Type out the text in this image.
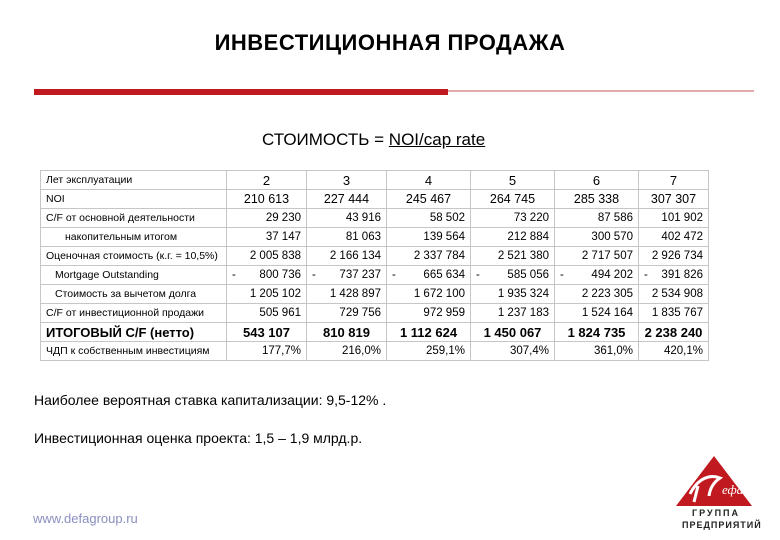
ИНВЕСТИЦИОННАЯ ПРОДАЖА
СТОИМОСТЬ = NOI/cap rate
Лет эксплуатации	2	3	4	5	6	7
NOI	210 613	227 444	245 467	264 745	285 338	307 307
C/F от основной деятельности	29 230	43 916	58 502	73 220	87 586	101 902
накопительным итогом	37 147	81 063	139 564	212 884	300 570	402 472
Оценочная стоимость (к.г. = 10,5%)	2 005 838	2 166 134	2 337 784	2 521 380	2 717 507	2 926 734
Mortgage Outstanding	- 800 736	- 737 237	- 665 634	- 585 056	- 494 202	- 391 826
Стоимость за вычетом долга	1 205 102	1 428 897	1 672 100	1 935 324	2 223 305	2 534 908
C/F от инвестиционной продажи	505 961	729 756	972 959	1 237 183	1 524 164	1 835 767
ИТОГОВЫЙ C/F (нетто)	543 107	810 819	1 112 624	1 450 067	1 824 735	2 238 240
ЧДП к собственным инвестициям	177,7%	216,0%	259,1%	307,4%	361,0%	420,1%
Наиболее вероятная ставка капитализации: 9,5-12% .
Инвестиционная оценка проекта: 1,5 – 1,9 млрд.р.
www.defagroup.ru
ефа
ГРУППА
ПРЕДПРИЯТИЙ
